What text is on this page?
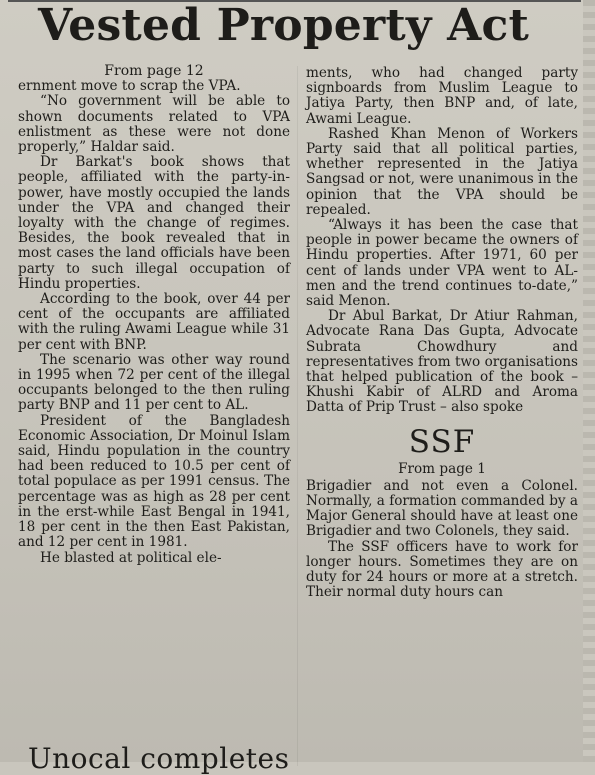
Vested Property Act

From page 12

ernment move to scrap the VPA.

“No government will be able to shown documents related to VPA enlistment as these were not done properly,” Haldar said.

Dr Barkat's book shows that people, affiliated with the party-in-power, have mostly occupied the lands under the VPA and changed their loyalty with the change of regimes. Besides, the book revealed that in most cases the land officials have been party to such illegal occupation of Hindu properties.

According to the book, over 44 per cent of the occupants are affiliated with the ruling Awami League while 31 per cent with BNP.

The scenario was other way round in 1995 when 72 per cent of the illegal occupants belonged to the then ruling party BNP and 11 per cent to AL.

President of the Bangladesh Economic Association, Dr Moinul Islam said, Hindu population in the country had been reduced to 10.5 per cent of total populace as per 1991 census. The percentage was as high as 28 per cent in the erst-while East Bengal in 1941, 18 per cent in the then East Pakistan, and 12 per cent in 1981.

He blasted at political ele-

ments, who had changed party signboards from Muslim League to Jatiya Party, then BNP and, of late, Awami League.

Rashed Khan Menon of Workers Party said that all political parties, whether represented in the Jatiya Sangsad or not, were unanimous in the opinion that the VPA should be repealed.

“Always it has been the case that people in power became the owners of Hindu properties. After 1971, 60 per cent of lands under VPA went to AL-men and the trend continues to-date,” said Menon.

Dr Abul Barkat, Dr Atiur Rahman, Advocate Rana Das Gupta, Advocate Subrata Chowdhury and representatives from two organisations that helped publication of the book – Khushi Kabir of ALRD and Aroma Datta of Prip Trust – also spoke

SSF
From page 1

Brigadier and not even a Colonel. Normally, a formation commanded by a Major General should have at least one Brigadier and two Colonels, they said.

The SSF officers have to work for longer hours. Sometimes they are on duty for 24 hours or more at a stretch. Their normal duty hours can

Unocal completes
